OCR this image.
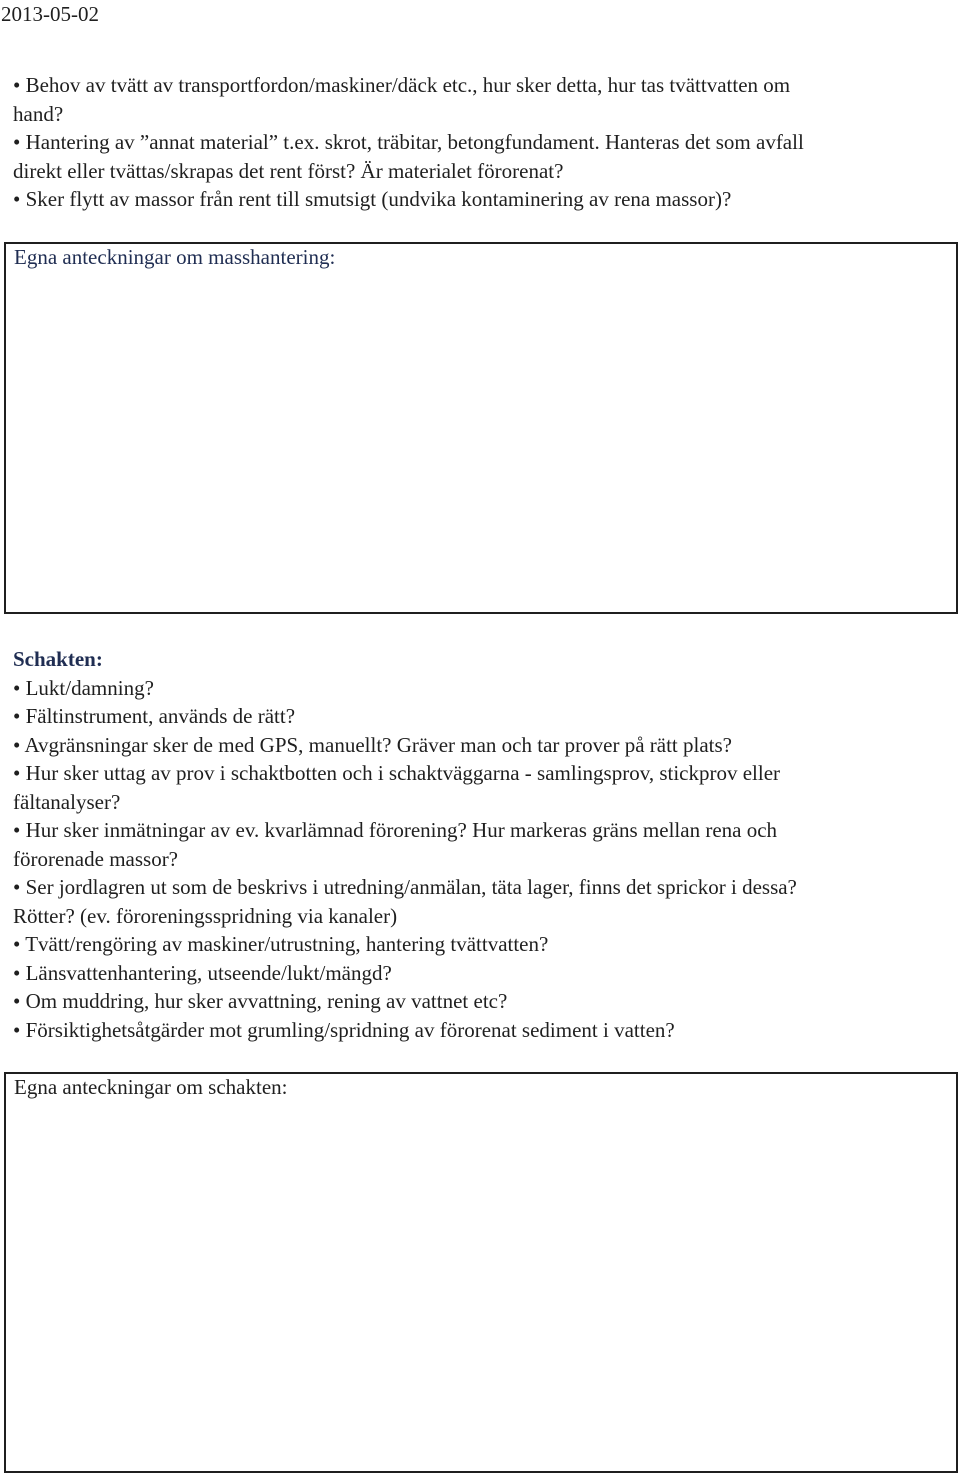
2013-05-02
• Behov av tvätt av transportfordon/maskiner/däck etc., hur sker detta, hur tas tvättvatten om
hand?
• Hantering av ”annat material” t.ex. skrot, träbitar, betongfundament. Hanteras det som avfall
direkt eller tvättas/skrapas det rent först? Är materialet förorenat?
• Sker flytt av massor från rent till smutsigt (undvika kontaminering av rena massor)?
Egna anteckningar om masshantering:
Schakten:
• Lukt/damning?
• Fältinstrument, används de rätt?
• Avgränsningar sker de med GPS, manuellt? Gräver man och tar prover på rätt plats?
• Hur sker uttag av prov i schaktbotten och i schaktväggarna - samlingsprov, stickprov eller
fältanalyser?
• Hur sker inmätningar av ev. kvarlämnad förorening? Hur markeras gräns mellan rena och
förorenade massor?
• Ser jordlagren ut som de beskrivs i utredning/anmälan, täta lager, finns det sprickor i dessa?
Rötter? (ev. föroreningsspridning via kanaler)
• Tvätt/rengöring av maskiner/utrustning, hantering tvättvatten?
• Länsvattenhantering, utseende/lukt/mängd?
• Om muddring, hur sker avvattning, rening av vattnet etc?
• Försiktighetsåtgärder mot grumling/spridning av förorenat sediment i vatten?
Egna anteckningar om schakten:
